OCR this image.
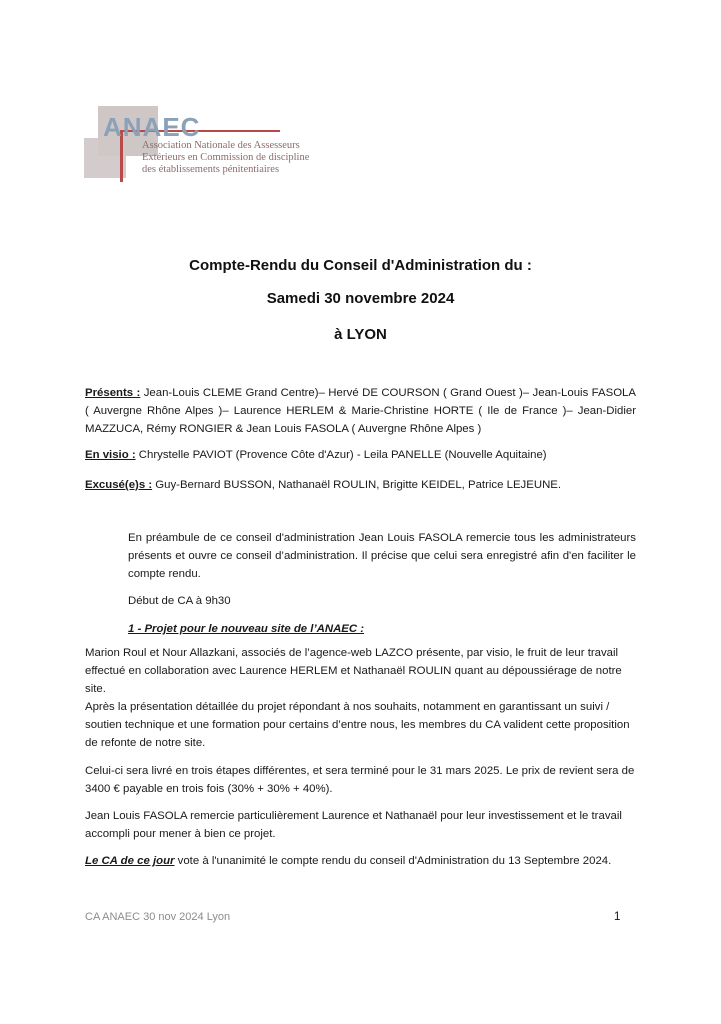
ANAEC
Association Nationale des Assesseurs
Extérieurs en Commission de discipline
des établissements pénitentiaires
Compte-Rendu du Conseil d'Administration du :
Samedi 30 novembre 2024
à LYON
Présents : Jean-Louis CLEME Grand Centre)– Hervé DE COURSON ( Grand Ouest )– Jean-Louis FASOLA ( Auvergne Rhône Alpes )– Laurence HERLEM & Marie-Christine HORTE ( Ile de France )– Jean-Didier MAZZUCA, Rémy RONGIER & Jean Louis FASOLA ( Auvergne Rhône Alpes )
En visio : Chrystelle PAVIOT (Provence Côte d'Azur) - Leila PANELLE (Nouvelle Aquitaine)
Excusé(e)s : Guy-Bernard BUSSON, Nathanaël ROULIN, Brigitte KEIDEL, Patrice LEJEUNE.
En préambule de ce conseil d'administration Jean Louis FASOLA remercie tous les administrateurs présents et ouvre ce conseil d’administration. Il précise que celui sera enregistré afin d'en faciliter le compte rendu.
Début de CA à 9h30
1 - Projet pour le nouveau site de l’ANAEC :
Marion Roul et Nour Allazkani, associés de l’agence-web LAZCO présente, par visio, le fruit de leur travail effectué en collaboration avec Laurence HERLEM et Nathanaël ROULIN quant au dépoussiérage de notre site.
Après la présentation détaillée du projet répondant à nos souhaits, notamment en garantissant un suivi / soutien technique et une formation pour certains d’entre nous, les membres du CA valident cette proposition de refonte de notre site.
Celui-ci sera livré en trois étapes différentes, et sera terminé pour le 31 mars 2025. Le prix de revient sera de 3400 € payable en trois fois (30% + 30% + 40%).
Jean Louis FASOLA remercie particulièrement Laurence et Nathanaël pour leur investissement et le travail accompli pour mener à bien ce projet.
Le CA de ce jour vote à l'unanimité le compte rendu du conseil d'Administration du 13 Septembre 2024.
CA ANAEC 30 nov 2024 Lyon	1
